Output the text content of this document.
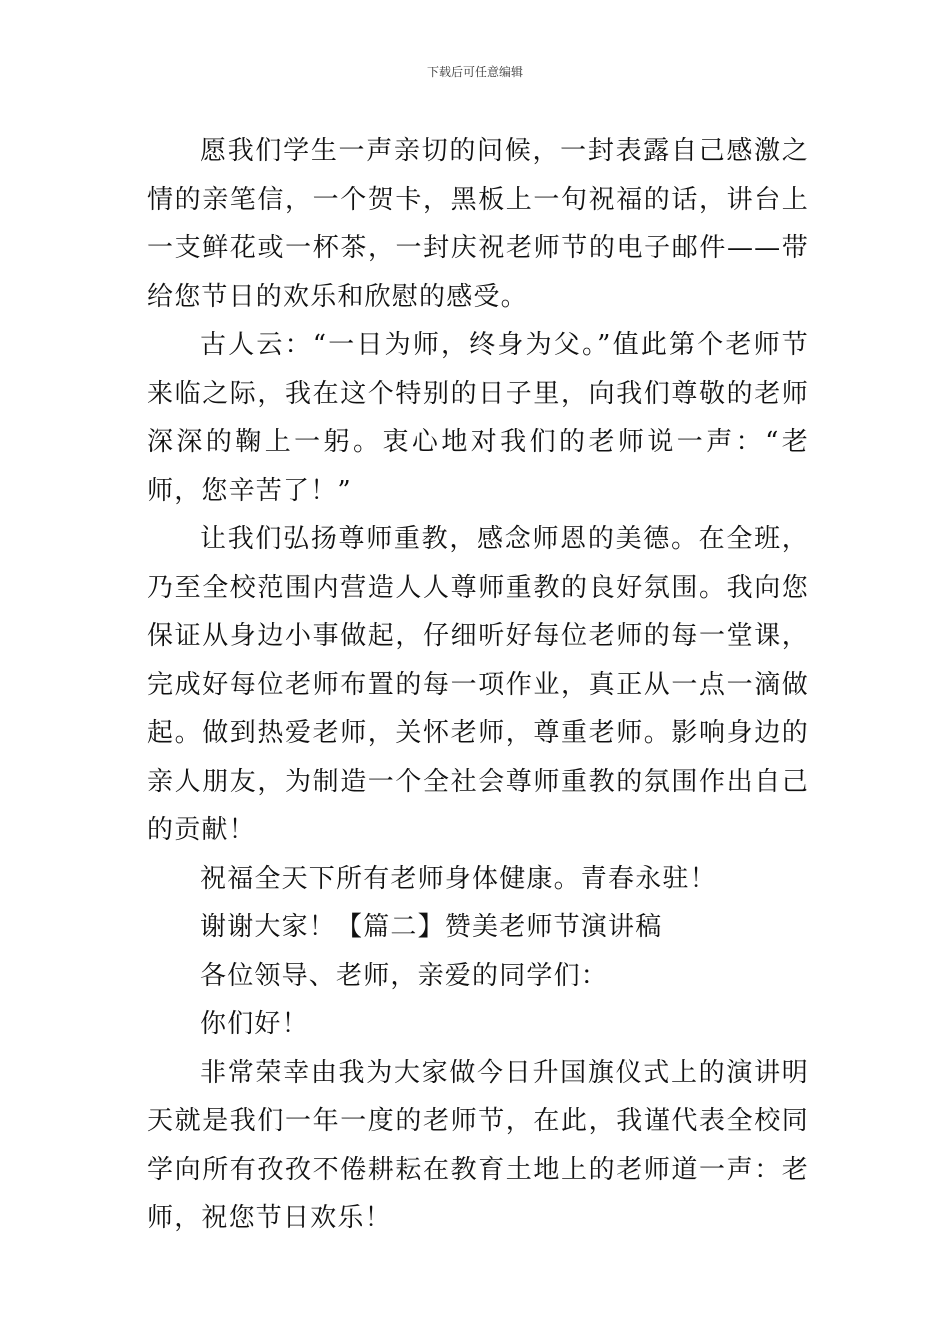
下载后可任意编辑

愿我们学生一声亲切的问候，一封表露自己感激之情的亲笔信，一个贺卡，黑板上一句祝福的话，讲台上一支鲜花或一杯茶，一封庆祝老师节的电子邮件——带给您节日的欢乐和欣慰的感受。

古人云：“一日为师，终身为父。”值此第个老师节来临之际，我在这个特别的日子里，向我们尊敬的老师深深的鞠上一躬。衷心地对我们的老师说一声：“老师，您辛苦了！”

让我们弘扬尊师重教，感念师恩的美德。在全班，乃至全校范围内营造人人尊师重教的良好氛围。我向您保证从身边小事做起，仔细听好每位老师的每一堂课，完成好每位老师布置的每一项作业，真正从一点一滴做起。做到热爱老师，关怀老师，尊重老师。影响身边的亲人朋友，为制造一个全社会尊师重教的氛围作出自己的贡献！

祝福全天下所有老师身体健康。青春永驻！

谢谢大家！【篇二】赞美老师节演讲稿

各位领导、老师，亲爱的同学们：

你们好！

非常荣幸由我为大家做今日升国旗仪式上的演讲明天就是我们一年一度的老师节，在此，我谨代表全校同学向所有孜孜不倦耕耘在教育土地上的老师道一声：老师，祝您节日欢乐！
